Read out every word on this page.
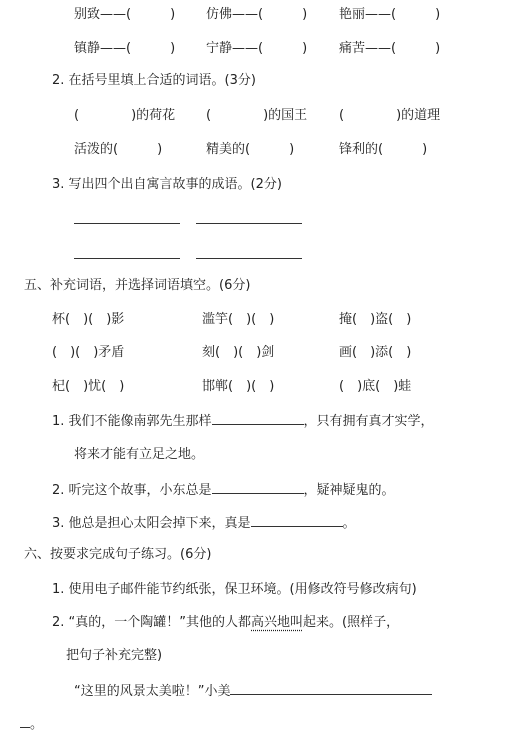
别致——(　　　) 仿佛——(　　　) 艳丽——(　　　)
镇静——(　　　) 宁静——(　　　) 痛苦——(　　　)
2. 在括号里填上合适的词语。(3分)
(　　　　)的荷花 (　　　　)的国王 (　　　　)的道理
活泼的(　　　)	精美的(　　　)	锋利的(　　　)
3. 写出四个出自寓言故事的成语。(2分)
五、补充词语，并选择词语填空。(6分)
杯(　)(　)影	滥竽(　)(　)	掩(　)盗(　)
(　)(　)矛盾	刻(　)(　)剑	画(　)添(　)
杞(　)忧(　)	邯郸(　)(　)	(　)底(　)蛙
1. 我们不能像南郭先生那样	，只有拥有真才实学，
将来才能有立足之地。
2. 听完这个故事，小东总是	，疑神疑鬼的。
3. 他总是担心太阳会掉下来，真是	。
六、按要求完成句子练习。(6分)
1. 使用电子邮件能节约纸张，保卫环境。(用修改符号修改病句)
2. “真的，一个陶罐！”其他的人都高兴地叫起来。(照样子，
把句子补充完整)
“这里的风景太美啦！”小美
。
